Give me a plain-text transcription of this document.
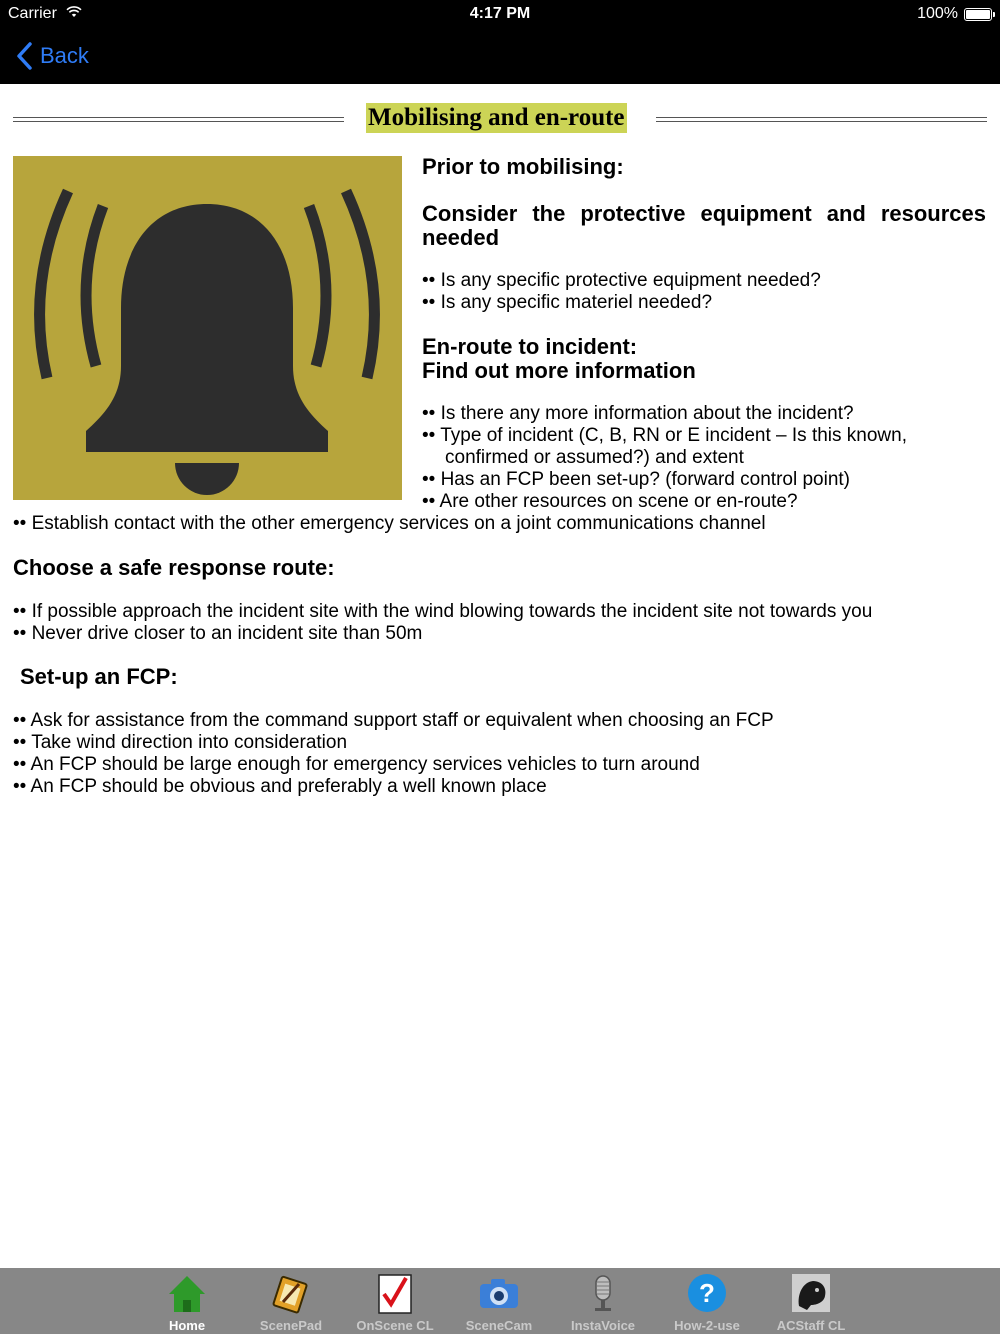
Carrier	4:17 PM	100%
Back
Mobilising and en-route
Prior to mobilising:
Consider the protective equipment and resources
needed
•• Is any specific protective equipment needed?
•• Is any specific materiel needed?
En-route to incident:
Find out more information
•• Is there any more information about the incident?
•• Type of incident (C, B, RN or E incident – Is this known,
confirmed or assumed?) and extent
•• Has an FCP been set-up? (forward control point)
•• Are other resources on scene or en-route?
•• Establish contact with the other emergency services on a joint communications channel
Choose a safe response route:
•• If possible approach the incident site with the wind blowing towards the incident site not towards you
•• Never drive closer to an incident site than 50m
Set-up an FCP:
•• Ask for assistance from the command support staff or equivalent when choosing an FCP
•• Take wind direction into consideration
•• An FCP should be large enough for emergency services vehicles to turn around
•• An FCP should be obvious and preferably a well known place
Home	ScenePad	OnScene CL	SceneCam	InstaVoice
?
How-2-use	ACStaff CL
